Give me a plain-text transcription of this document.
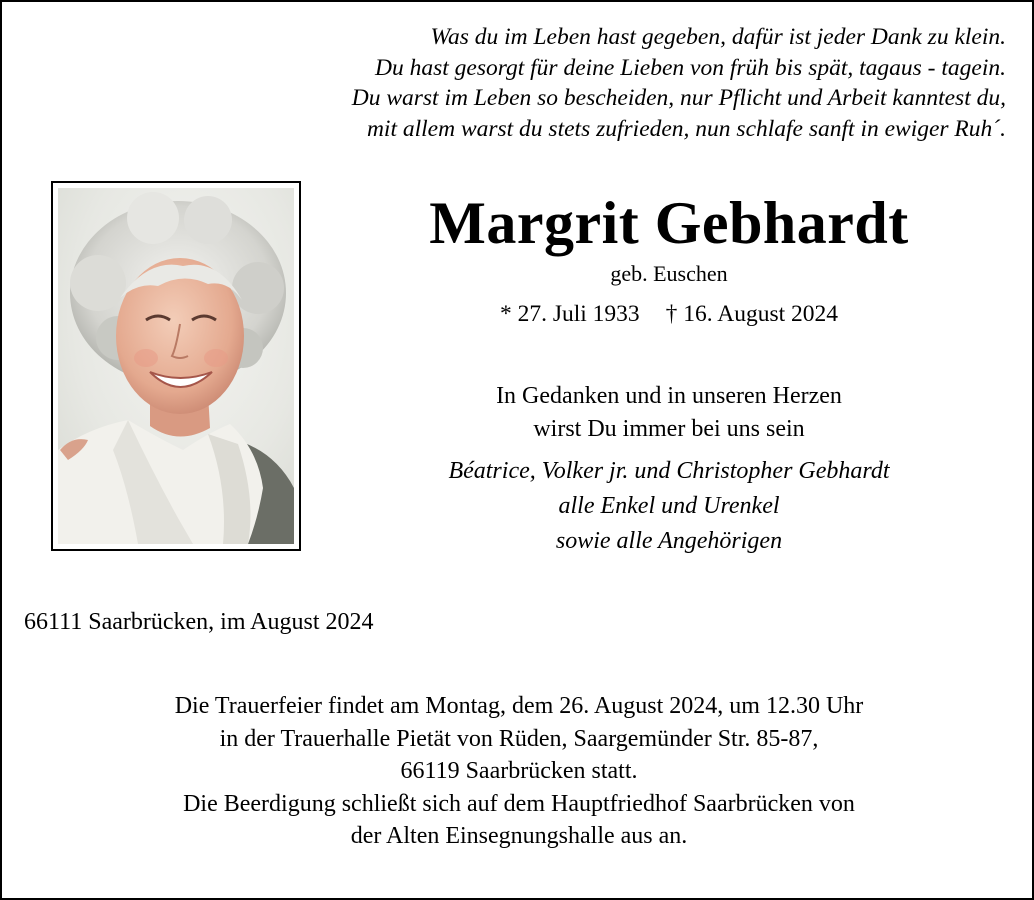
Was du im Leben hast gegeben, dafür ist jeder Dank zu klein.
Du hast gesorgt für deine Lieben von früh bis spät, tagaus - tagein.
Du warst im Leben so bescheiden, nur Pflicht und Arbeit kanntest du,
mit allem warst du stets zufrieden, nun schlafe sanft in ewiger Ruh´.
Margrit Gebhardt
geb. Euschen
* 27. Juli 1933 † 16. August 2024
In Gedanken und in unseren Herzen
wirst Du immer bei uns sein
Béatrice, Volker jr. und Christopher Gebhardt
alle Enkel und Urenkel
sowie alle Angehörigen
66111 Saarbrücken, im August 2024
Die Trauerfeier findet am Montag, dem 26. August 2024, um 12.30 Uhr
in der Trauerhalle Pietät von Rüden, Saargemünder Str. 85-87,
66119 Saarbrücken statt.
Die Beerdigung schließt sich auf dem Hauptfriedhof Saarbrücken von
der Alten Einsegnungshalle aus an.
